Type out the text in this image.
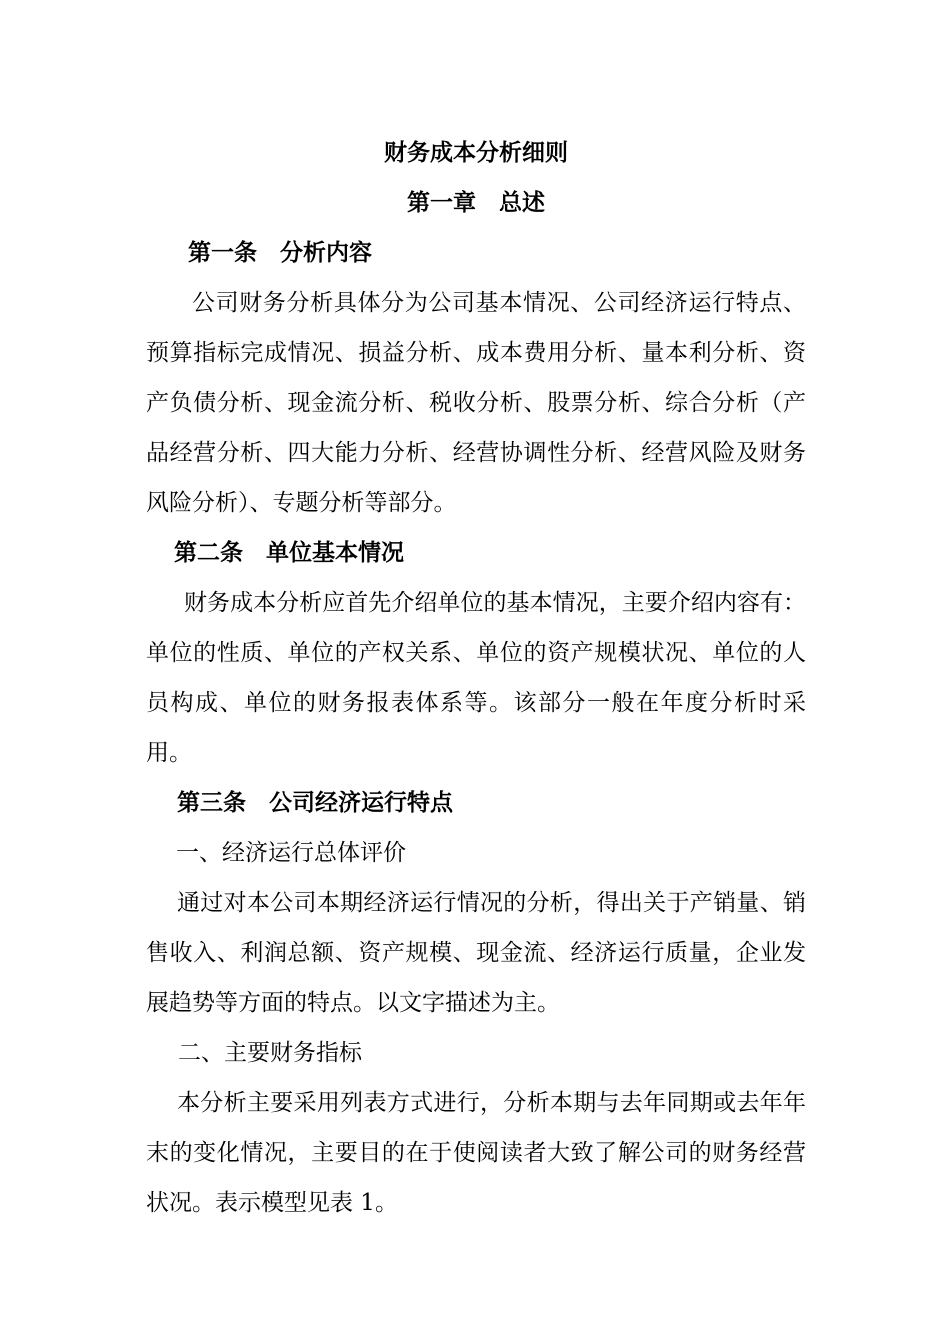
财务成本分析细则
第一章　总述
第一条　分析内容

公司财务分析具体分为公司基本情况、公司经济运行特点、预算指标完成情况、损益分析、成本费用分析、量本利分析、资产负债分析、现金流分析、税收分析、股票分析、综合分析（产品经营分析、四大能力分析、经营协调性分析、经营风险及财务风险分析）、专题分析等部分。

第二条　单位基本情况

财务成本分析应首先介绍单位的基本情况，主要介绍内容有：单位的性质、单位的产权关系、单位的资产规模状况、单位的人员构成、单位的财务报表体系等。该部分一般在年度分析时采用。

第三条　公司经济运行特点
一、经济运行总体评价

通过对本公司本期经济运行情况的分析，得出关于产销量、销售收入、利润总额、资产规模、现金流、经济运行质量，企业发展趋势等方面的特点。以文字描述为主。

二、主要财务指标

本分析主要采用列表方式进行，分析本期与去年同期或去年年末的变化情况，主要目的在于使阅读者大致了解公司的财务经营状况。表示模型见表 1。
